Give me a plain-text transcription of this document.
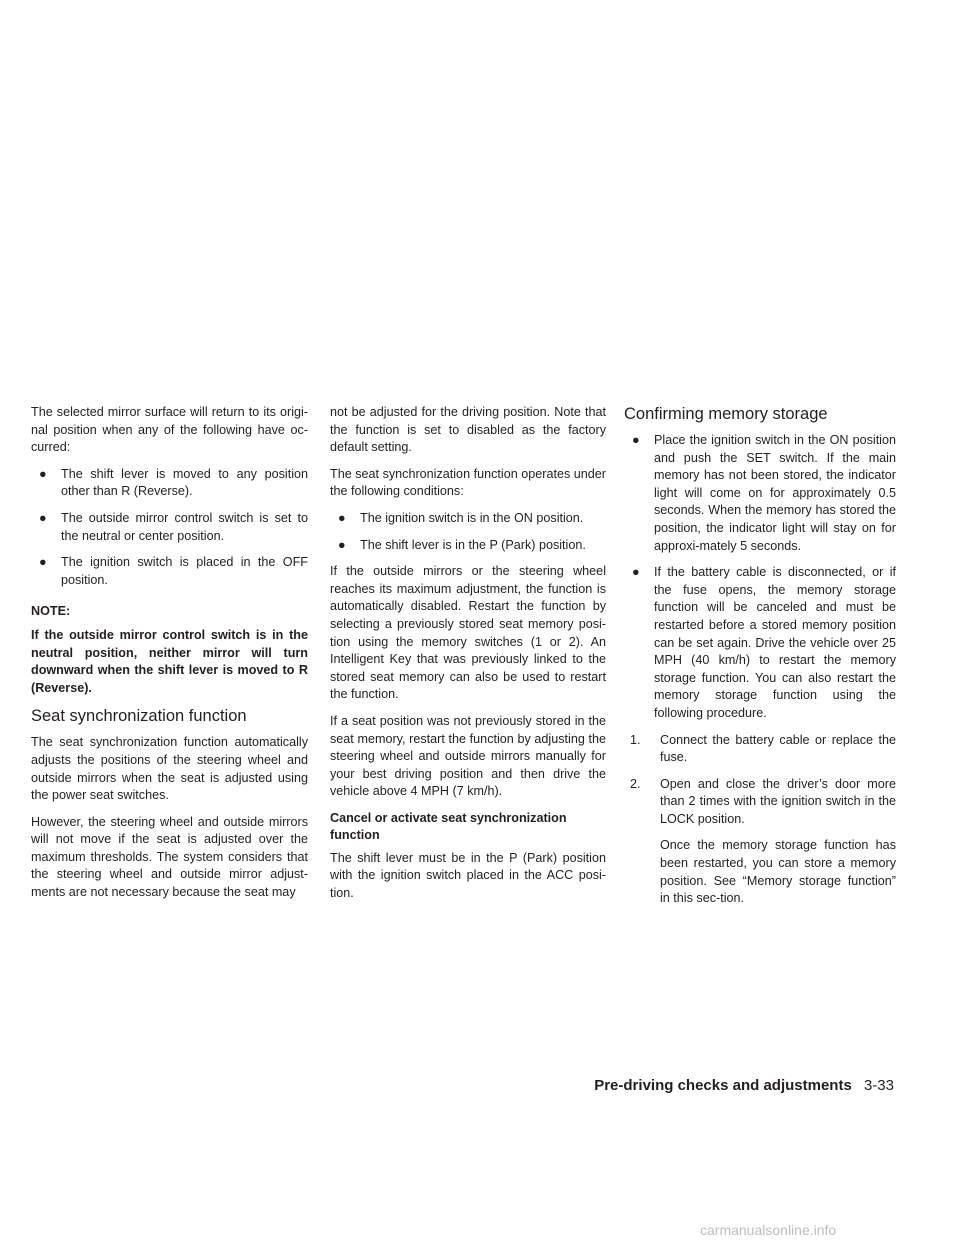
The selected mirror surface will return to its origi-nal position when any of the following have oc-curred:

● The shift lever is moved to any position other than R (Reverse).
● The outside mirror control switch is set to the neutral or center position.
● The ignition switch is placed in the OFF position.

NOTE:

If the outside mirror control switch is in the neutral position, neither mirror will turn downward when the shift lever is moved to R (Reverse).

Seat synchronization function

The seat synchronization function automatically adjusts the positions of the steering wheel and outside mirrors when the seat is adjusted using the power seat switches.

However, the steering wheel and outside mirrors will not move if the seat is adjusted over the maximum thresholds. The system considers that the steering wheel and outside mirror adjust-ments are not necessary because the seat may

not be adjusted for the driving position. Note that the function is set to disabled as the factory default setting.

The seat synchronization function operates under the following conditions:

● The ignition switch is in the ON position.
● The shift lever is in the P (Park) position.

If the outside mirrors or the steering wheel reaches its maximum adjustment, the function is automatically disabled. Restart the function by selecting a previously stored seat memory posi-tion using the memory switches (1 or 2). An Intelligent Key that was previously linked to the stored seat memory can also be used to restart the function.

If a seat position was not previously stored in the seat memory, restart the function by adjusting the steering wheel and outside mirrors manually for your best driving position and then drive the vehicle above 4 MPH (7 km/h).

Cancel or activate seat synchronization function

The shift lever must be in the P (Park) position with the ignition switch placed in the ACC posi-tion.

Confirming memory storage
● Place the ignition switch in the ON position and push the SET switch. If the main memory has not been stored, the indicator light will come on for approximately 0.5 seconds. When the memory has stored the position, the indicator light will stay on for approxi-mately 5 seconds.
● If the battery cable is disconnected, or if the fuse opens, the memory storage function will be canceled and must be restarted before a stored memory position can be set again. Drive the vehicle over 25 MPH (40 km/h) to restart the memory storage function. You can also restart the memory storage function using the following procedure.
1. Connect the battery cable or replace the fuse.
2. Open and close the driver’s door more than 2 times with the ignition switch in the LOCK position.

Once the memory storage function has been restarted, you can store a memory position. See “Memory storage function” in this sec-tion.

Pre-driving checks and adjustments 3-33
carmanualsonline.info
